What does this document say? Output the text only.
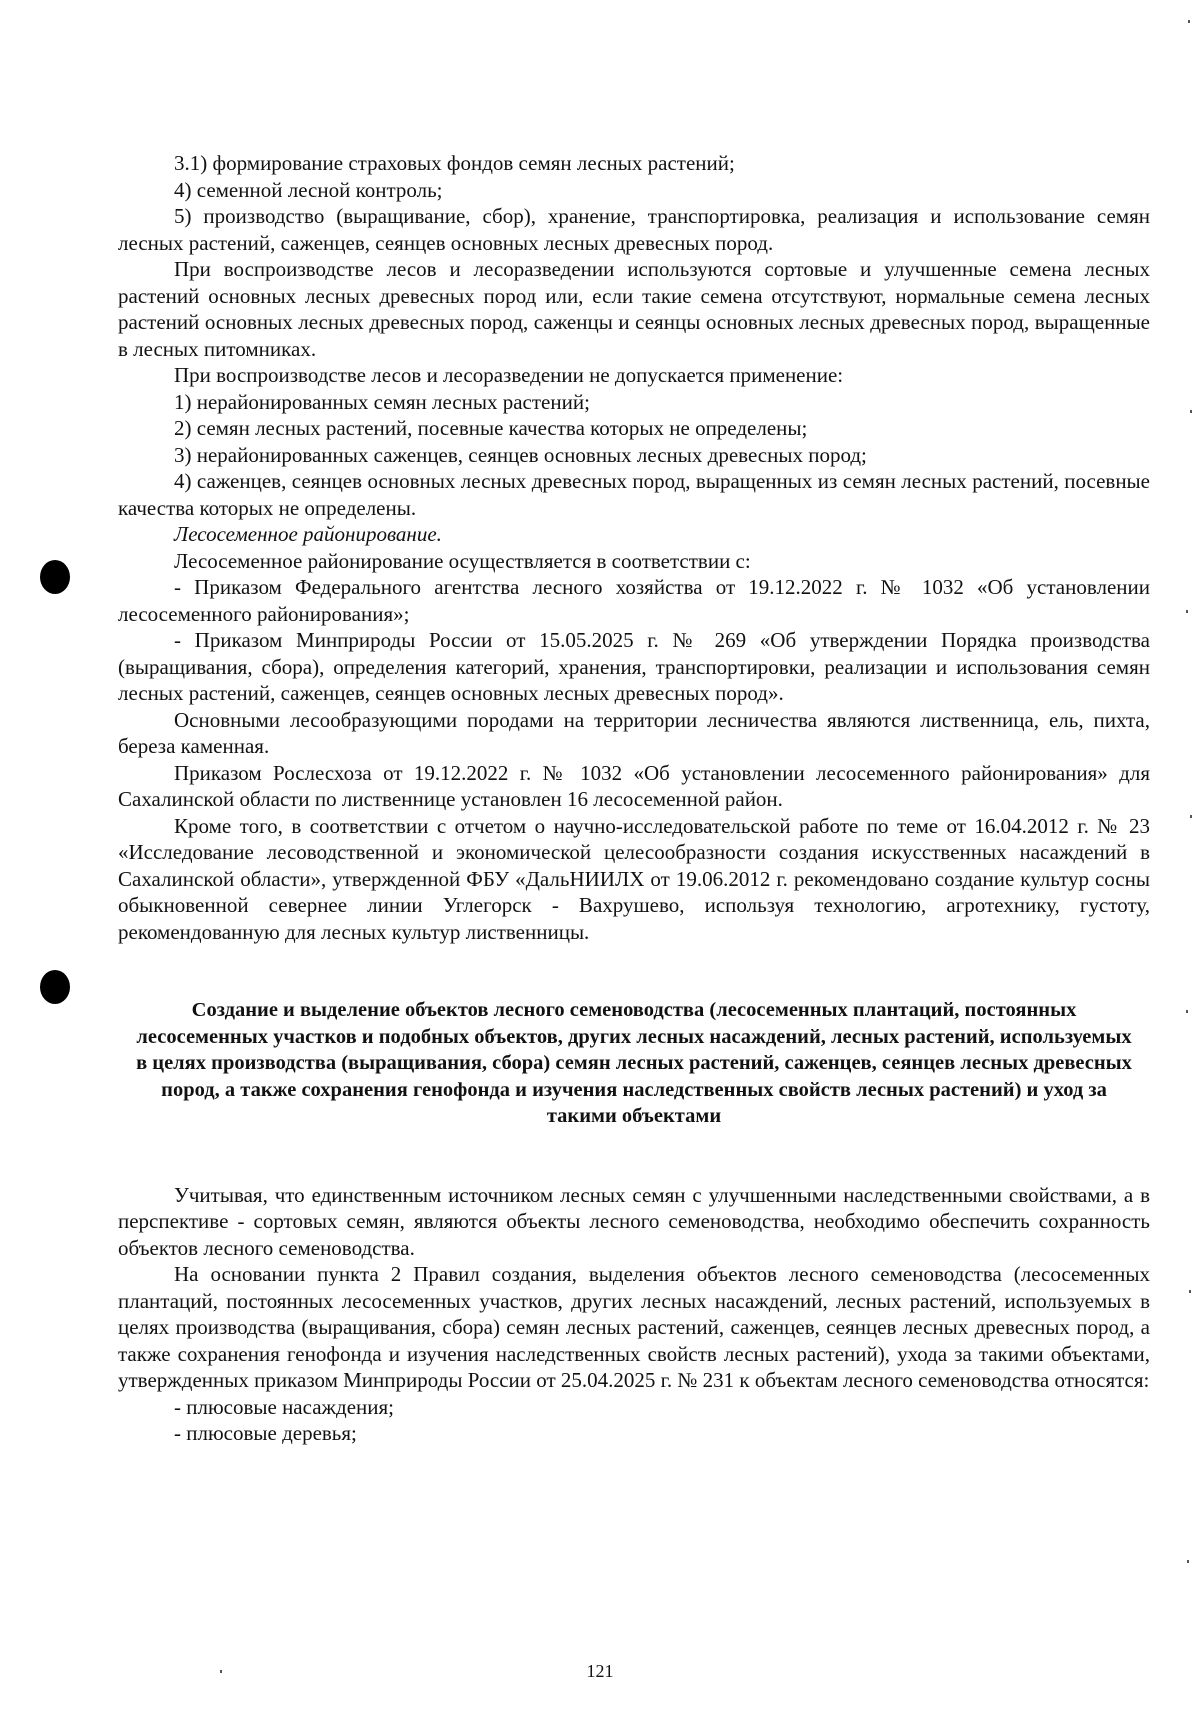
3.1) формирование страховых фондов семян лесных растений;

4) семенной лесной контроль;

5) производство (выращивание, сбор), хранение, транспортировка, реализация и использование семян лесных растений, саженцев, сеянцев основных лесных древесных пород.

При воспроизводстве лесов и лесоразведении используются сортовые и улучшенные семена лесных растений основных лесных древесных пород или, если такие семена отсутствуют, нормальные семена лесных растений основных лесных древесных пород, саженцы и сеянцы основных лесных древесных пород, выращенные в лесных питомниках.

При воспроизводстве лесов и лесоразведении не допускается применение:

1) нерайонированных семян лесных растений;

2) семян лесных растений, посевные качества которых не определены;

3) нерайонированных саженцев, сеянцев основных лесных древесных пород;

4) саженцев, сеянцев основных лесных древесных пород, выращенных из семян лесных растений, посевные качества которых не определены.

Лесосеменное районирование.

Лесосеменное районирование осуществляется в соответствии с:

- Приказом Федерального агентства лесного хозяйства от 19.12.2022 г. № 1032 «Об установлении лесосеменного районирования»;

- Приказом Минприроды России от 15.05.2025 г. № 269 «Об утверждении Порядка производства (выращивания, сбора), определения категорий, хранения, транспортировки, реализации и использования семян лесных растений, саженцев, сеянцев основных лесных древесных пород».

Основными лесообразующими породами на территории лесничества являются лиственница, ель, пихта, береза каменная.

Приказом Рослесхоза от 19.12.2022 г. № 1032 «Об установлении лесосеменного районирования» для Сахалинской области по лиственнице установлен 16 лесосеменной район.

Кроме того, в соответствии с отчетом о научно-исследовательской работе по теме от 16.04.2012 г. № 23 «Исследование лесоводственной и экономической целесообразности создания искусственных насаждений в Сахалинской области», утвержденной ФБУ «ДальНИИЛХ от 19.06.2012 г. рекомендовано создание культур сосны обыкновенной севернее линии Углегорск - Вахрушево, используя технологию, агротехнику, густоту, рекомендованную для лесных культур лиственницы.

Создание и выделение объектов лесного семеноводства (лесосеменных плантаций, постоянных лесосеменных участков и подобных объектов, других лесных насаждений, лесных растений, используемых в целях производства (выращивания, сбора) семян лесных растений, саженцев, сеянцев лесных древесных пород, а также сохранения генофонда и изучения наследственных свойств лесных растений) и уход за такими объектами

Учитывая, что единственным источником лесных семян с улучшенными наследственными свойствами, а в перспективе - сортовых семян, являются объекты лесного семеноводства, необходимо обеспечить сохранность объектов лесного семеноводства.

На основании пункта 2 Правил создания, выделения объектов лесного семеноводства (лесосеменных плантаций, постоянных лесосеменных участков, других лесных насаждений, лесных растений, используемых в целях производства (выращивания, сбора) семян лесных растений, саженцев, сеянцев лесных древесных пород, а также сохранения генофонда и изучения наследственных свойств лесных растений), ухода за такими объектами, утвержденных приказом Минприроды России от 25.04.2025 г. № 231 к объектам лесного семеноводства относятся:

- плюсовые насаждения;

- плюсовые деревья;

121
